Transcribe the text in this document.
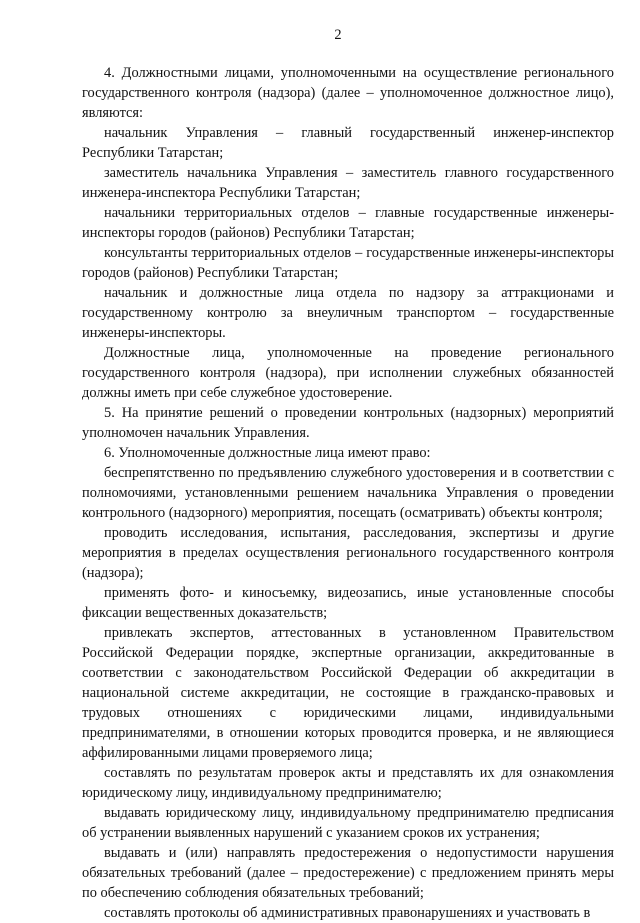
2

4. Должностными лицами, уполномоченными на осуществление регионального государственного контроля (надзора) (далее – уполномоченное должностное лицо), являются:

начальник Управления – главный государственный инженер-инспектор Республики Татарстан;

заместитель начальника Управления – заместитель главного государственного инженера-инспектора Республики Татарстан;

начальники территориальных отделов – главные государственные инженеры-инспекторы городов (районов) Республики Татарстан;

консультанты территориальных отделов – государственные инженеры-инспекторы городов (районов) Республики Татарстан;

начальник и должностные лица отдела по надзору за аттракционами и государственному контролю за внеуличным транспортом – государственные инженеры-инспекторы.

Должностные лица, уполномоченные на проведение регионального государственного контроля (надзора), при исполнении служебных обязанностей должны иметь при себе служебное удостоверение.

5. На принятие решений о проведении контрольных (надзорных) мероприятий уполномочен начальник Управления.

6. Уполномоченные должностные лица имеют право:

беспрепятственно по предъявлению служебного удостоверения и в соответствии с полномочиями, установленными решением начальника Управления о проведении контрольного (надзорного) мероприятия, посещать (осматривать) объекты контроля;

проводить исследования, испытания, расследования, экспертизы и другие мероприятия в пределах осуществления регионального государственного контроля (надзора);

применять фото- и киносъемку, видеозапись, иные установленные способы фиксации вещественных доказательств;

привлекать экспертов, аттестованных в установленном Правительством Российской Федерации порядке, экспертные организации, аккредитованные в соответствии с законодательством Российской Федерации об аккредитации в национальной системе аккредитации, не состоящие в гражданско-правовых и трудовых отношениях с юридическими лицами, индивидуальными предпринимателями, в отношении которых проводится проверка, и не являющиеся аффилированными лицами проверяемого лица;

составлять по результатам проверок акты и представлять их для ознакомления юридическому лицу, индивидуальному предпринимателю;

выдавать юридическому лицу, индивидуальному предпринимателю предписания об устранении выявленных нарушений с указанием сроков их устранения;

выдавать и (или) направлять предостережения о недопустимости нарушения обязательных требований (далее – предостережение) с предложением принять меры по обеспечению соблюдения обязательных требований;

составлять протоколы об административных правонарушениях и участвовать в
